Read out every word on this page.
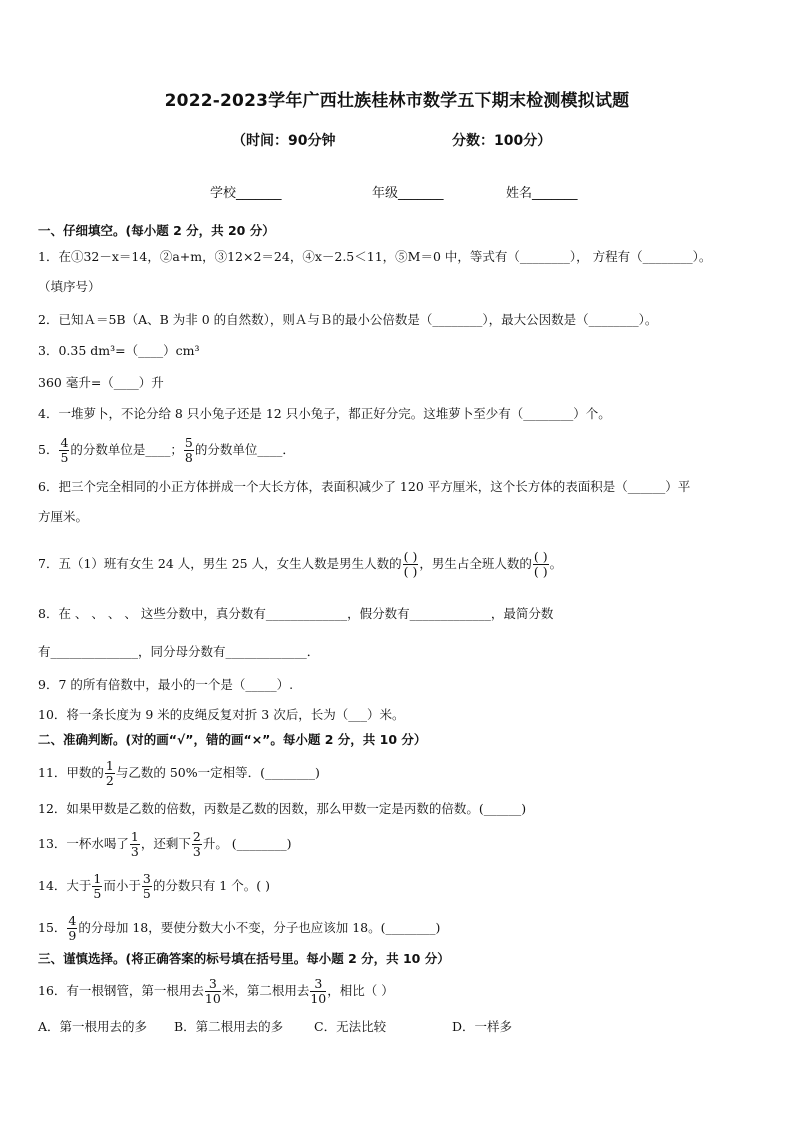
2022-2023学年广西壮族桂林市数学五下期末检测模拟试题
（时间：90分钟	分数：100分）
学校_______	年级_______	姓名_______
一、仔细填空。(每小题 2 分，共 20 分）
1．在①32－x＝14，②a+m，③12×2＝24，④x－2.5＜11，⑤M＝0 中，等式有（________）， 方程有（________）。
（填序号）
2．已知Ａ＝5B（A、B 为非 0 的自然数），则Ａ与Ｂ的最小公倍数是（________），最大公因数是（________）。
3．0.35 dm³=（____）cm³
360 毫升=（____）升
4．一堆萝卜，不论分给 8 只小兔子还是 12 只小兔子，都正好分完。这堆萝卜至少有（________）个。
5． $\frac{4}{5}$ 的分数单位是____； $\frac{5}{8}$ 的分数单位____．
6．把三个完全相同的小正方体拼成一个大长方体，表面积减少了 120 平方厘米，这个长方体的表面积是（______）平
方厘米。
7．五（1）班有女生 24 人，男生 25 人，女生人数是男生人数的 $\frac{( )}{( )}$ ，男生占全班人数的 $\frac{( )}{( )}$ 。
8．在 、 、 、 、 这些分数中，真分数有_____________，假分数有_____________，最简分数
有______________，同分母分数有_____________．
9．7 的所有倍数中，最小的一个是（_____）.
10．将一条长度为 9 米的皮绳反复对折 3 次后，长为（___）米。
二、准确判断。(对的画“√”，错的画“×”。每小题 2 分，共 10 分）
11．甲数的 $\frac{1}{2}$ 与乙数的 50%一定相等．(________)
12．如果甲数是乙数的倍数，丙数是乙数的因数，那么甲数一定是丙数的倍数。(______)
13．一杯水喝了 $\frac{1}{3}$ ，还剩下 $\frac{2}{3}$ 升。 (________)
14．大于 $\frac{1}{5}$ 而小于 $\frac{3}{5}$ 的分数只有 1 个。( )
15． $\frac{4}{9}$ 的分母加 18，要使分数大小不变，分子也应该加 18。(________)
三、谨慎选择。(将正确答案的标号填在括号里。每小题 2 分，共 10 分）
16．有一根钢管，第一根用去 $\frac{3}{10}$ 米，第二根用去 $\frac{3}{10}$ ，相比（ ）
A．第一根用去的多 B．第二根用去的多 C．无法比较	D．一样多
